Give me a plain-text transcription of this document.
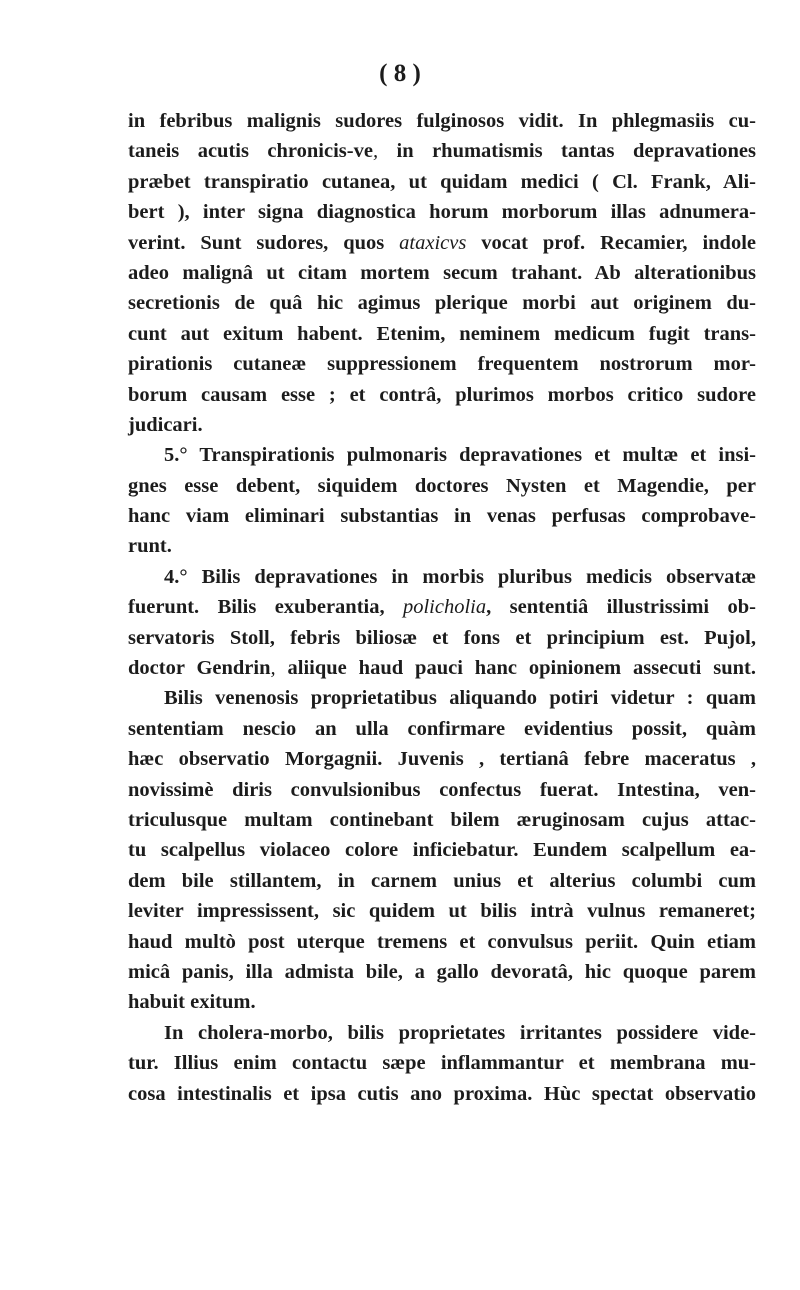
( 8 )
in febribus malignis sudores fulginosos vidit. In phlegmasiis cu-
taneis acutis chronicis-ve, in rhumatismis tantas depravationes
præbet transpiratio cutanea, ut quidam medici ( Cl. Frank, Ali-
bert ), inter signa diagnostica horum morborum illas adnumera-
verint. Sunt sudores, quos ataxicvs vocat prof. Recamier, indole
adeo malignâ ut citam mortem secum trahant. Ab alterationibus
secretionis de quâ hic agimus plerique morbi aut originem du-
cunt aut exitum habent. Etenim, neminem medicum fugit trans-
pirationis cutaneæ suppressionem frequentem nostrorum mor-
borum causam esse ; et contrâ, plurimos morbos critico sudore
judicari.
5.° Transpirationis pulmonaris depravationes et multæ et insi-
gnes esse debent, siquidem doctores Nysten et Magendie, per
hanc viam eliminari substantias in venas perfusas comprobave-
runt.
4.° Bilis depravationes in morbis pluribus medicis observatæ
fuerunt. Bilis exuberantia, policholia, sententiâ illustrissimi ob-
servatoris Stoll, febris biliosæ et fons et principium est. Pujol,
doctor Gendrin, aliique haud pauci hanc opinionem assecuti sunt.
Bilis venenosis proprietatibus aliquando potiri videtur : quam
sententiam nescio an ulla confirmare evidentius possit, quàm
hæc observatio Morgagnii. Juvenis , tertianâ febre maceratus ,
novissimè diris convulsionibus confectus fuerat. Intestina, ven-
triculusque multam continebant bilem æruginosam cujus attac-
tu scalpellus violaceo colore inficiebatur. Eundem scalpellum ea-
dem bile stillantem, in carnem unius et alterius columbi cum
leviter impressissent, sic quidem ut bilis intrà vulnus remaneret;
haud multò post uterque tremens et convulsus periit. Quin etiam
micâ panis, illa admista bile, a gallo devoratâ, hic quoque parem
habuit exitum.
In cholera-morbo, bilis proprietates irritantes possidere vide-
tur. Illius enim contactu sæpe inflammantur et membrana mu-
cosa intestinalis et ipsa cutis ano proxima. Hùc spectat observatio
